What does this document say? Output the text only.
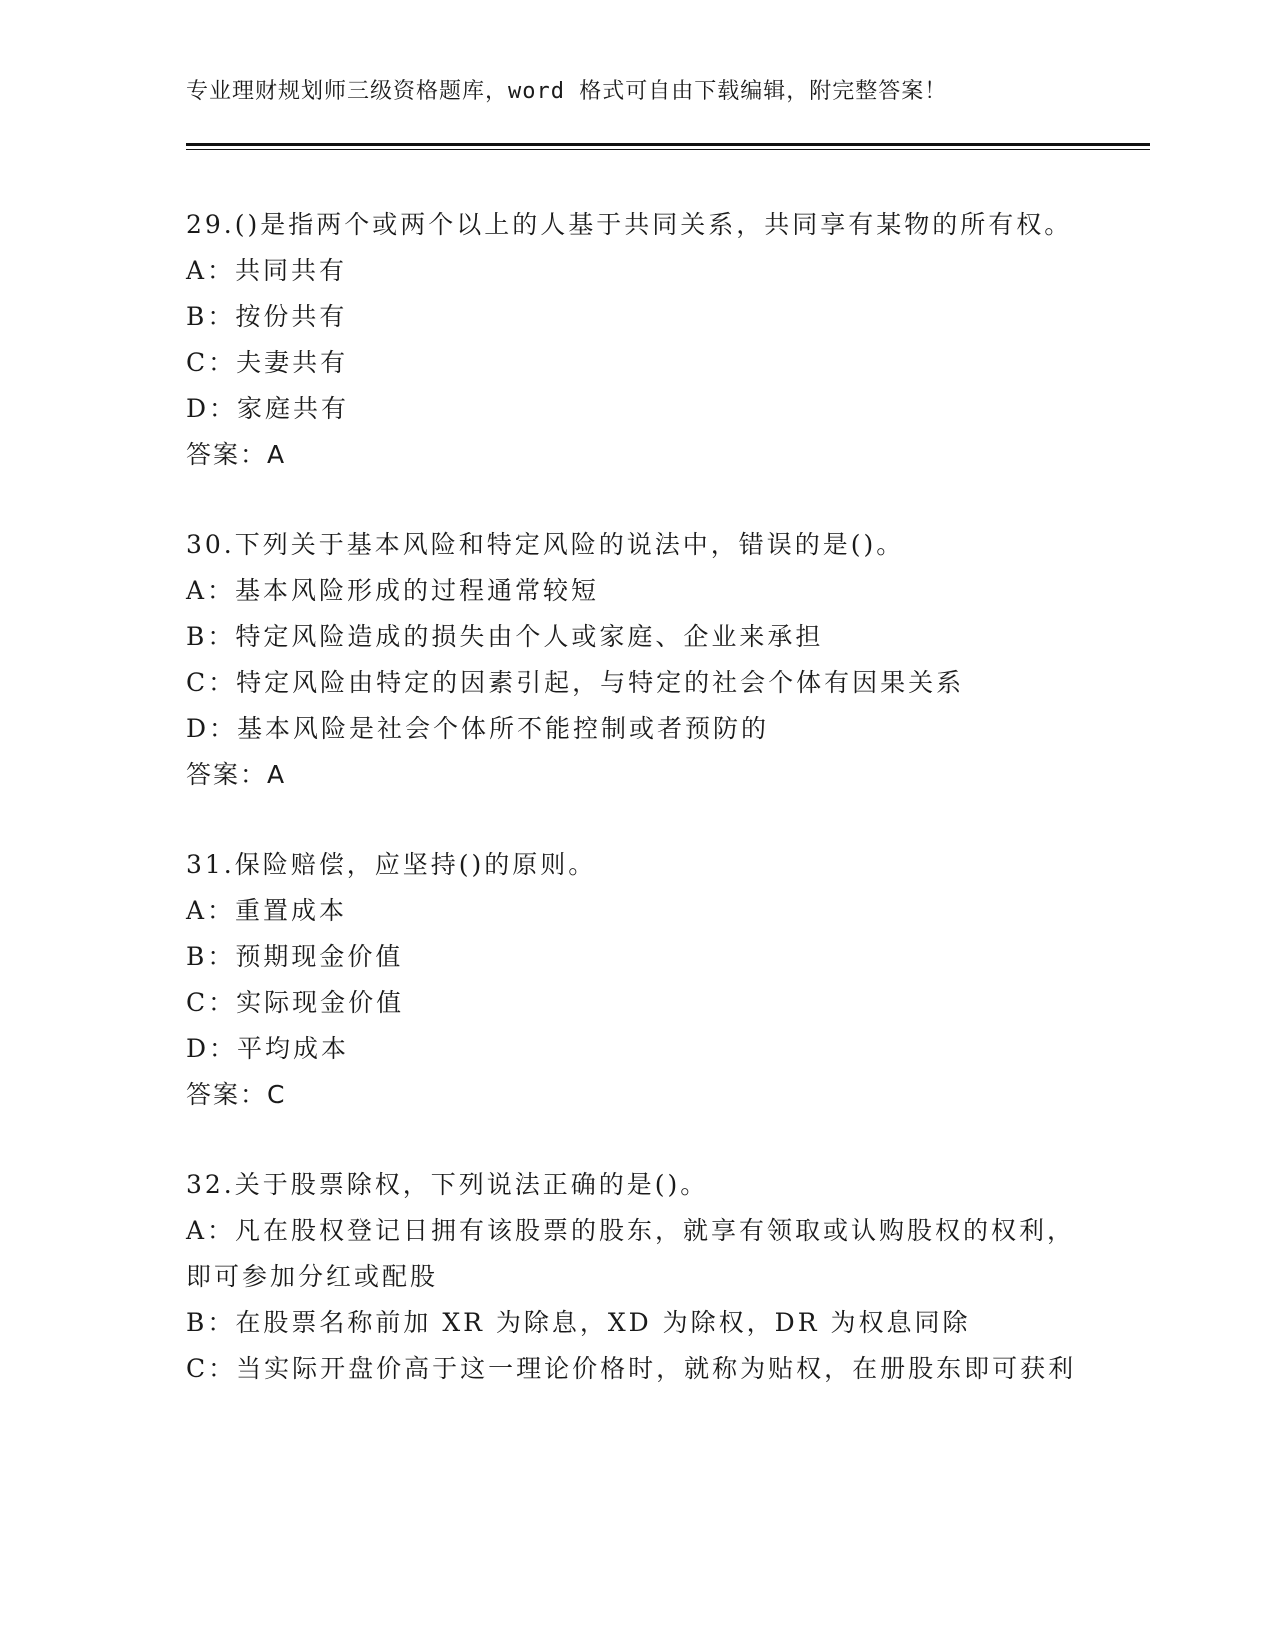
专业理财规划师三级资格题库，word 格式可自由下载编辑，附完整答案！
29.()是指两个或两个以上的人基于共同关系，共同享有某物的所有权。
A：共同共有
B：按份共有
C：夫妻共有
D：家庭共有
答案：A
30.下列关于基本风险和特定风险的说法中，错误的是()。
A：基本风险形成的过程通常较短
B：特定风险造成的损失由个人或家庭、企业来承担
C：特定风险由特定的因素引起，与特定的社会个体有因果关系
D：基本风险是社会个体所不能控制或者预防的
答案：A
31.保险赔偿，应坚持()的原则。
A：重置成本
B：预期现金价值
C：实际现金价值
D：平均成本
答案：C
32.关于股票除权，下列说法正确的是()。
A：凡在股权登记日拥有该股票的股东，就享有领取或认购股权的权利，即可参加分红或配股
B：在股票名称前加 XR 为除息，XD 为除权，DR 为权息同除
C：当实际开盘价高于这一理论价格时，就称为贴权，在册股东即可获利
